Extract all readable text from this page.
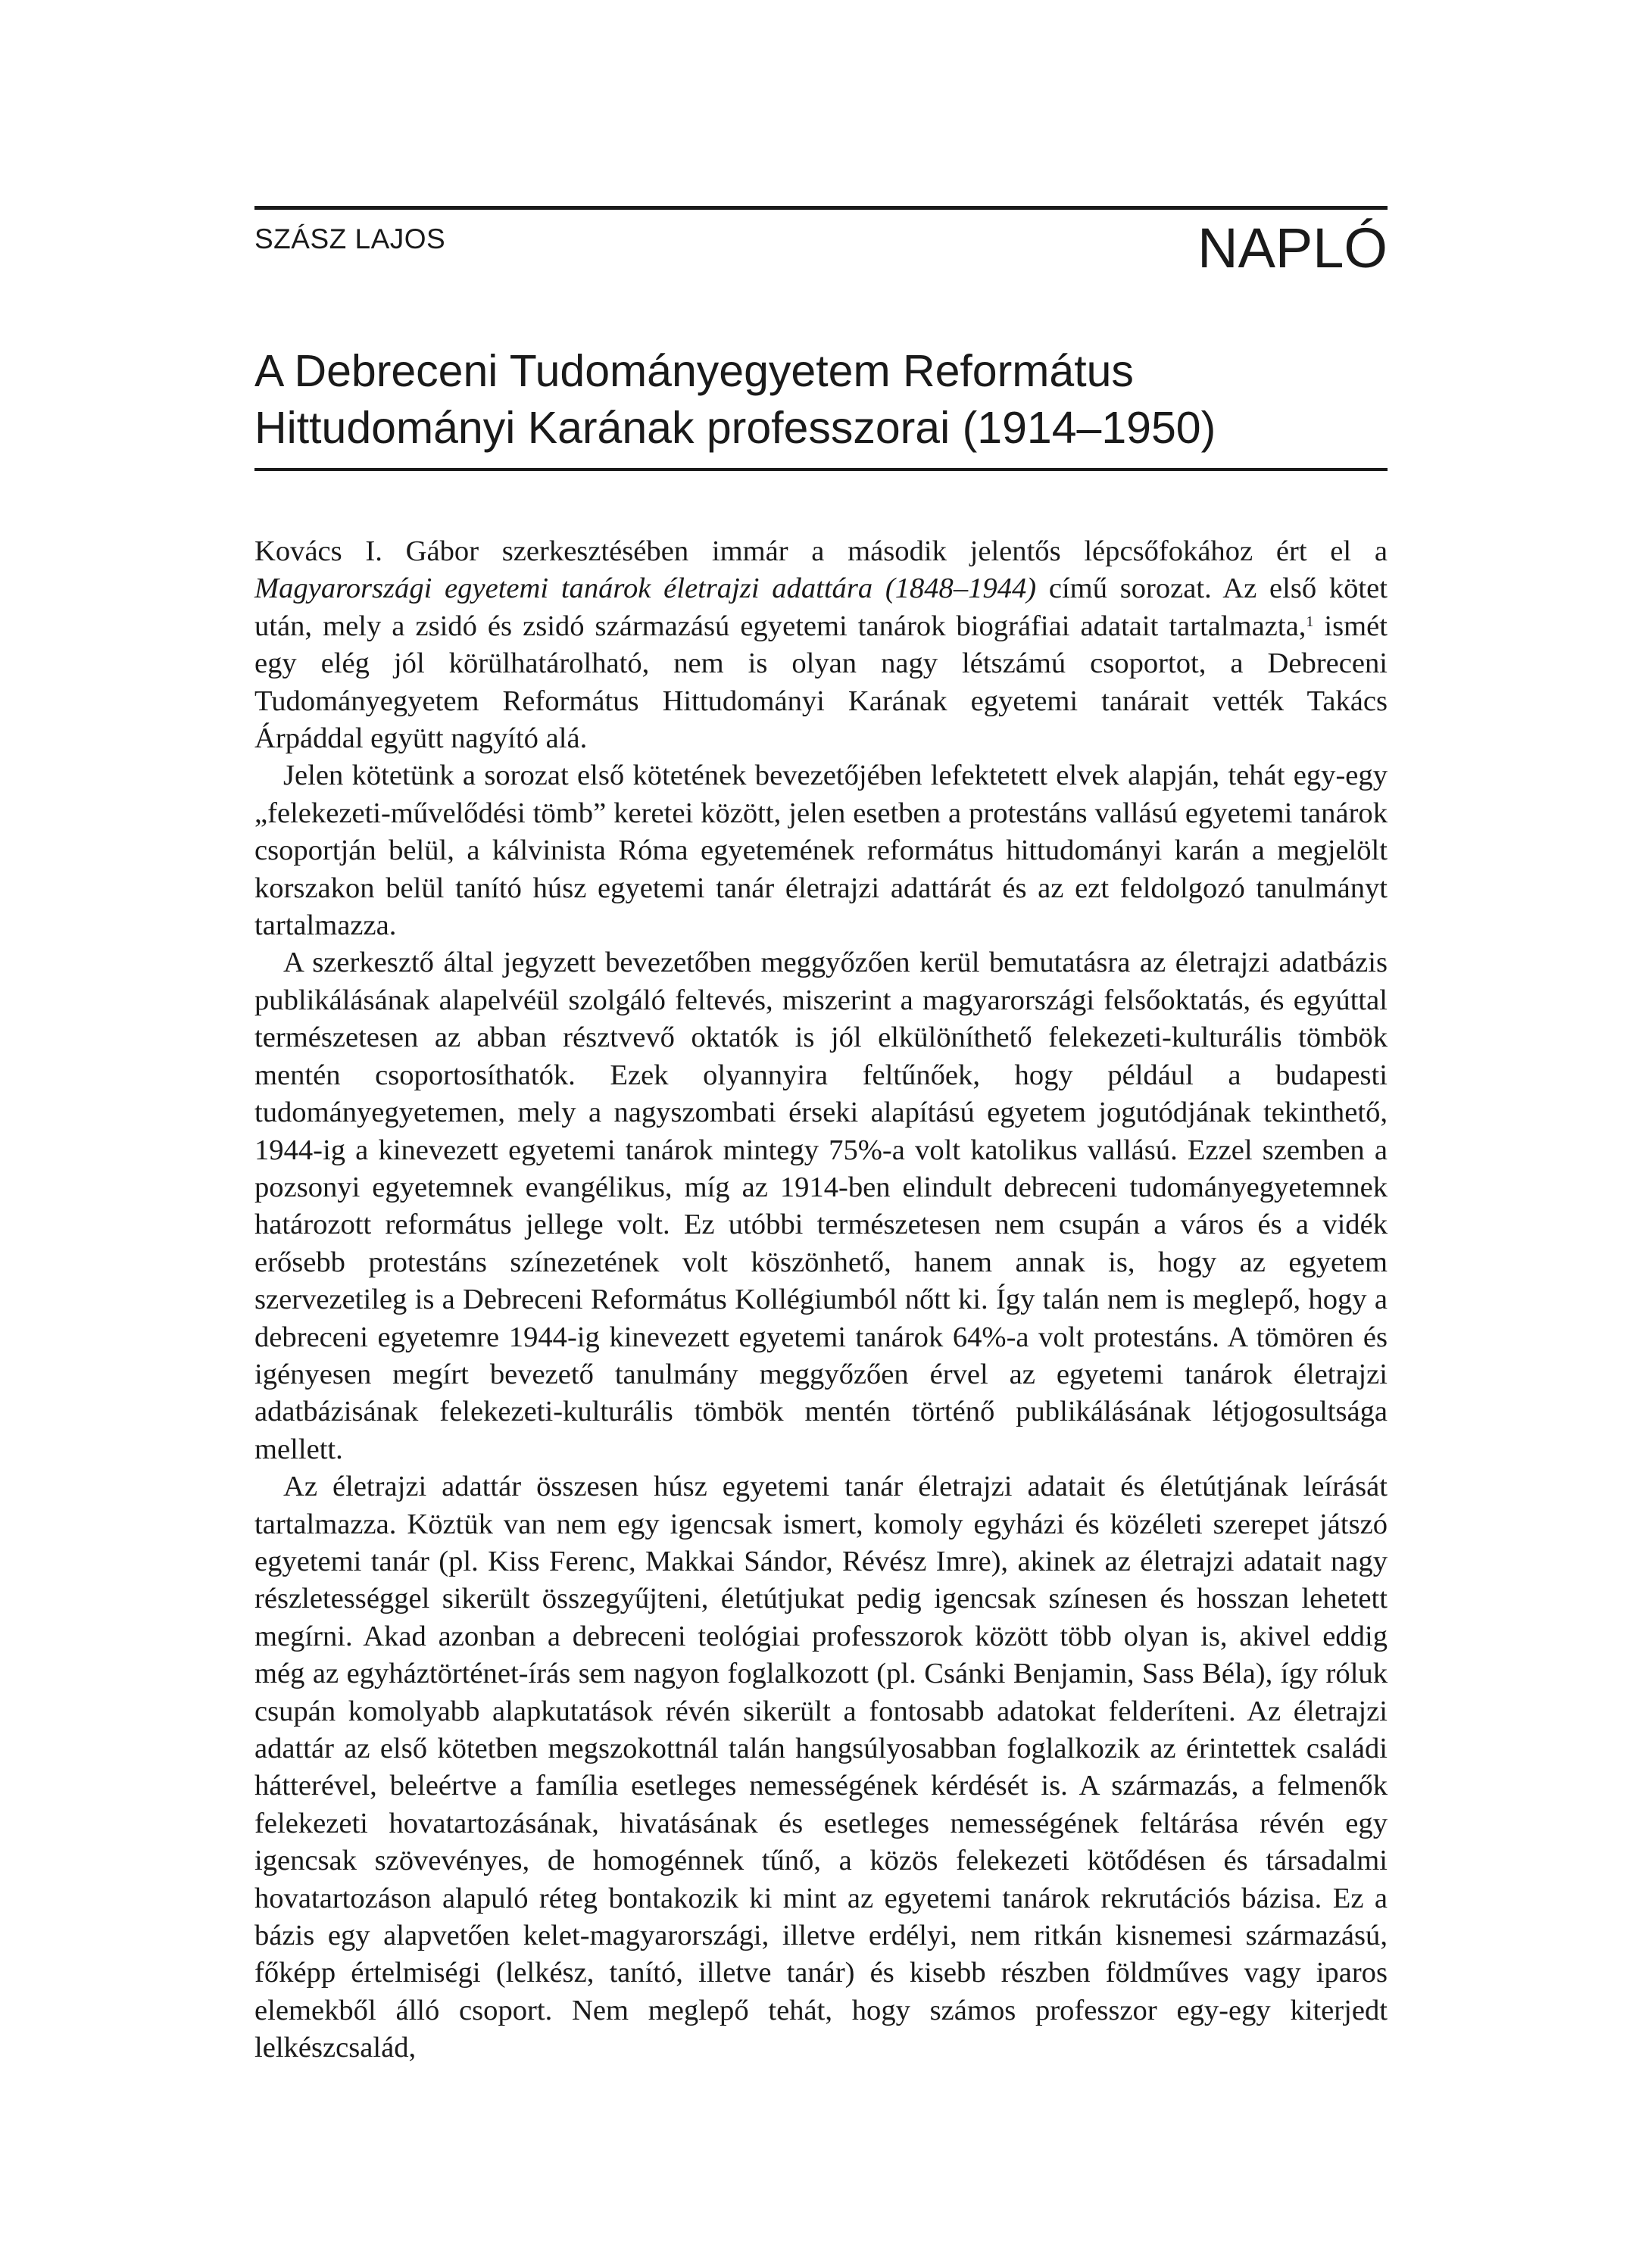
SZÁSZ LAJOS	NAPLÓ
A Debreceni Tudományegyetem Református
Hittudományi Karának professzorai (1914–1950)

Kovács I. Gábor szerkesztésében immár a második jelentős lépcsőfokához ért el a Magyarországi egyetemi tanárok életrajzi adattára (1848–1944) című sorozat. Az első kötet után, mely a zsidó és zsidó származású egyetemi tanárok biográfiai adatait tartalmazta,$^1$ ismét egy elég jól körülhatárolható, nem is olyan nagy létszámú csoportot, a Debreceni Tudományegyetem Református Hittudományi Karának egyetemi tanárait vették Takács Árpáddal együtt nagyító alá.

Jelen kötetünk a sorozat első kötetének bevezetőjében lefektetett elvek alapján, tehát egy-egy „felekezeti-művelődési tömb” keretei között, jelen esetben a protestáns vallású egyetemi tanárok csoportján belül, a kálvinista Róma egyetemének református hittudományi karán a megjelölt korszakon belül tanító húsz egyetemi tanár életrajzi adattárát és az ezt feldolgozó tanulmányt tartalmazza.

A szerkesztő által jegyzett bevezetőben meggyőzően kerül bemutatásra az életrajzi adatbázis publikálásának alapelvéül szolgáló feltevés, miszerint a magyarországi felsőoktatás, és egyúttal természetesen az abban résztvevő oktatók is jól elkülöníthető felekezeti-kulturális tömbök mentén csoportosíthatók. Ezek olyannyira feltűnőek, hogy például a budapesti tudományegyetemen, mely a nagyszombati érseki alapítású egyetem jogutódjának tekinthető, 1944-ig a kinevezett egyetemi tanárok mintegy 75%-a volt katolikus vallású. Ezzel szemben a pozsonyi egyetemnek evangélikus, míg az 1914-ben elindult debreceni tudományegyetemnek határozott református jellege volt. Ez utóbbi természetesen nem csupán a város és a vidék erősebb protestáns színezetének volt köszönhető, hanem annak is, hogy az egyetem szervezetileg is a Debreceni Református Kollégiumból nőtt ki. Így talán nem is meglepő, hogy a debreceni egyetemre 1944-ig kinevezett egyetemi tanárok 64%-a volt protestáns. A tömören és igényesen megírt bevezető tanulmány meggyőzően érvel az egyetemi tanárok életrajzi adatbázisának felekezeti-kulturális tömbök mentén történő publikálásának létjogosultsága mellett.

Az életrajzi adattár összesen húsz egyetemi tanár életrajzi adatait és életútjának leírását tartalmazza. Köztük van nem egy igencsak ismert, komoly egyházi és közéleti szerepet játszó egyetemi tanár (pl. Kiss Ferenc, Makkai Sándor, Révész Imre), akinek az életrajzi adatait nagy részletességgel sikerült összegyűjteni, életútjukat pedig igencsak színesen és hosszan lehetett megírni. Akad azonban a debreceni teológiai professzorok között több olyan is, akivel eddig még az egyháztörténet-írás sem nagyon foglalkozott (pl. Csánki Benjamin, Sass Béla), így róluk csupán komolyabb alapkutatások révén sikerült a fontosabb adatokat felderíteni. Az életrajzi adattár az első kötetben megszokottnál talán hangsúlyosabban foglalkozik az érintettek családi hátterével, beleértve a família esetleges nemességének kérdését is. A származás, a felmenők felekezeti hovatartozásának, hivatásának és esetleges nemességének feltárása révén egy igencsak szövevényes, de homogénnek tűnő, a közös felekezeti kötődésen és társadalmi hovatartozáson alapuló réteg bontakozik ki mint az egyetemi tanárok rekrutációs bázisa. Ez a bázis egy alapvetően kelet-magyarországi, illetve erdélyi, nem ritkán kisnemesi származású, főképp értelmiségi (lelkész, tanító, illetve tanár) és kisebb részben földműves vagy iparos elemekből álló csoport. Nem meglepő tehát, hogy számos professzor egy-egy kiterjedt lelkészcsalád,
